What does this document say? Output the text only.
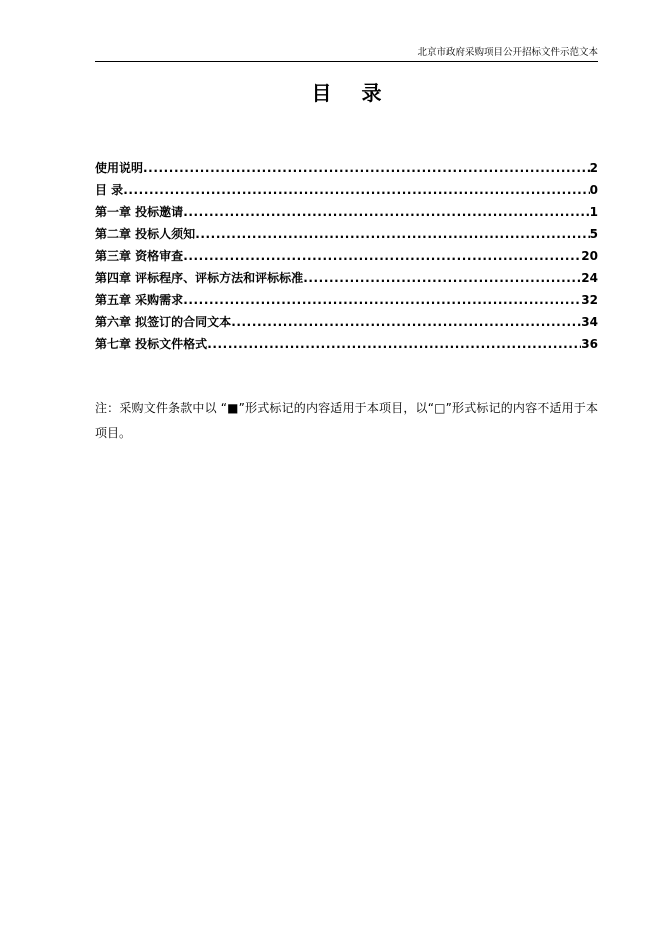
北京市政府采购项目公开招标文件示范文本
目录
使用说明 .....	2
目 录 .....	0
第一章 投标邀请 .....	1
第二章 投标人须知 .....	5
第三章 资格审查 .....	20
第四章 评标程序、评标方法和评标标准 .....	24
第五章 采购需求 .....	32
第六章 拟签订的合同文本 .....	34
第七章 投标文件格式 .....	36

注：采购文件条款中以 “■”形式标记的内容适用于本项目，以“□”形式标记的内容不适用于本项目。
